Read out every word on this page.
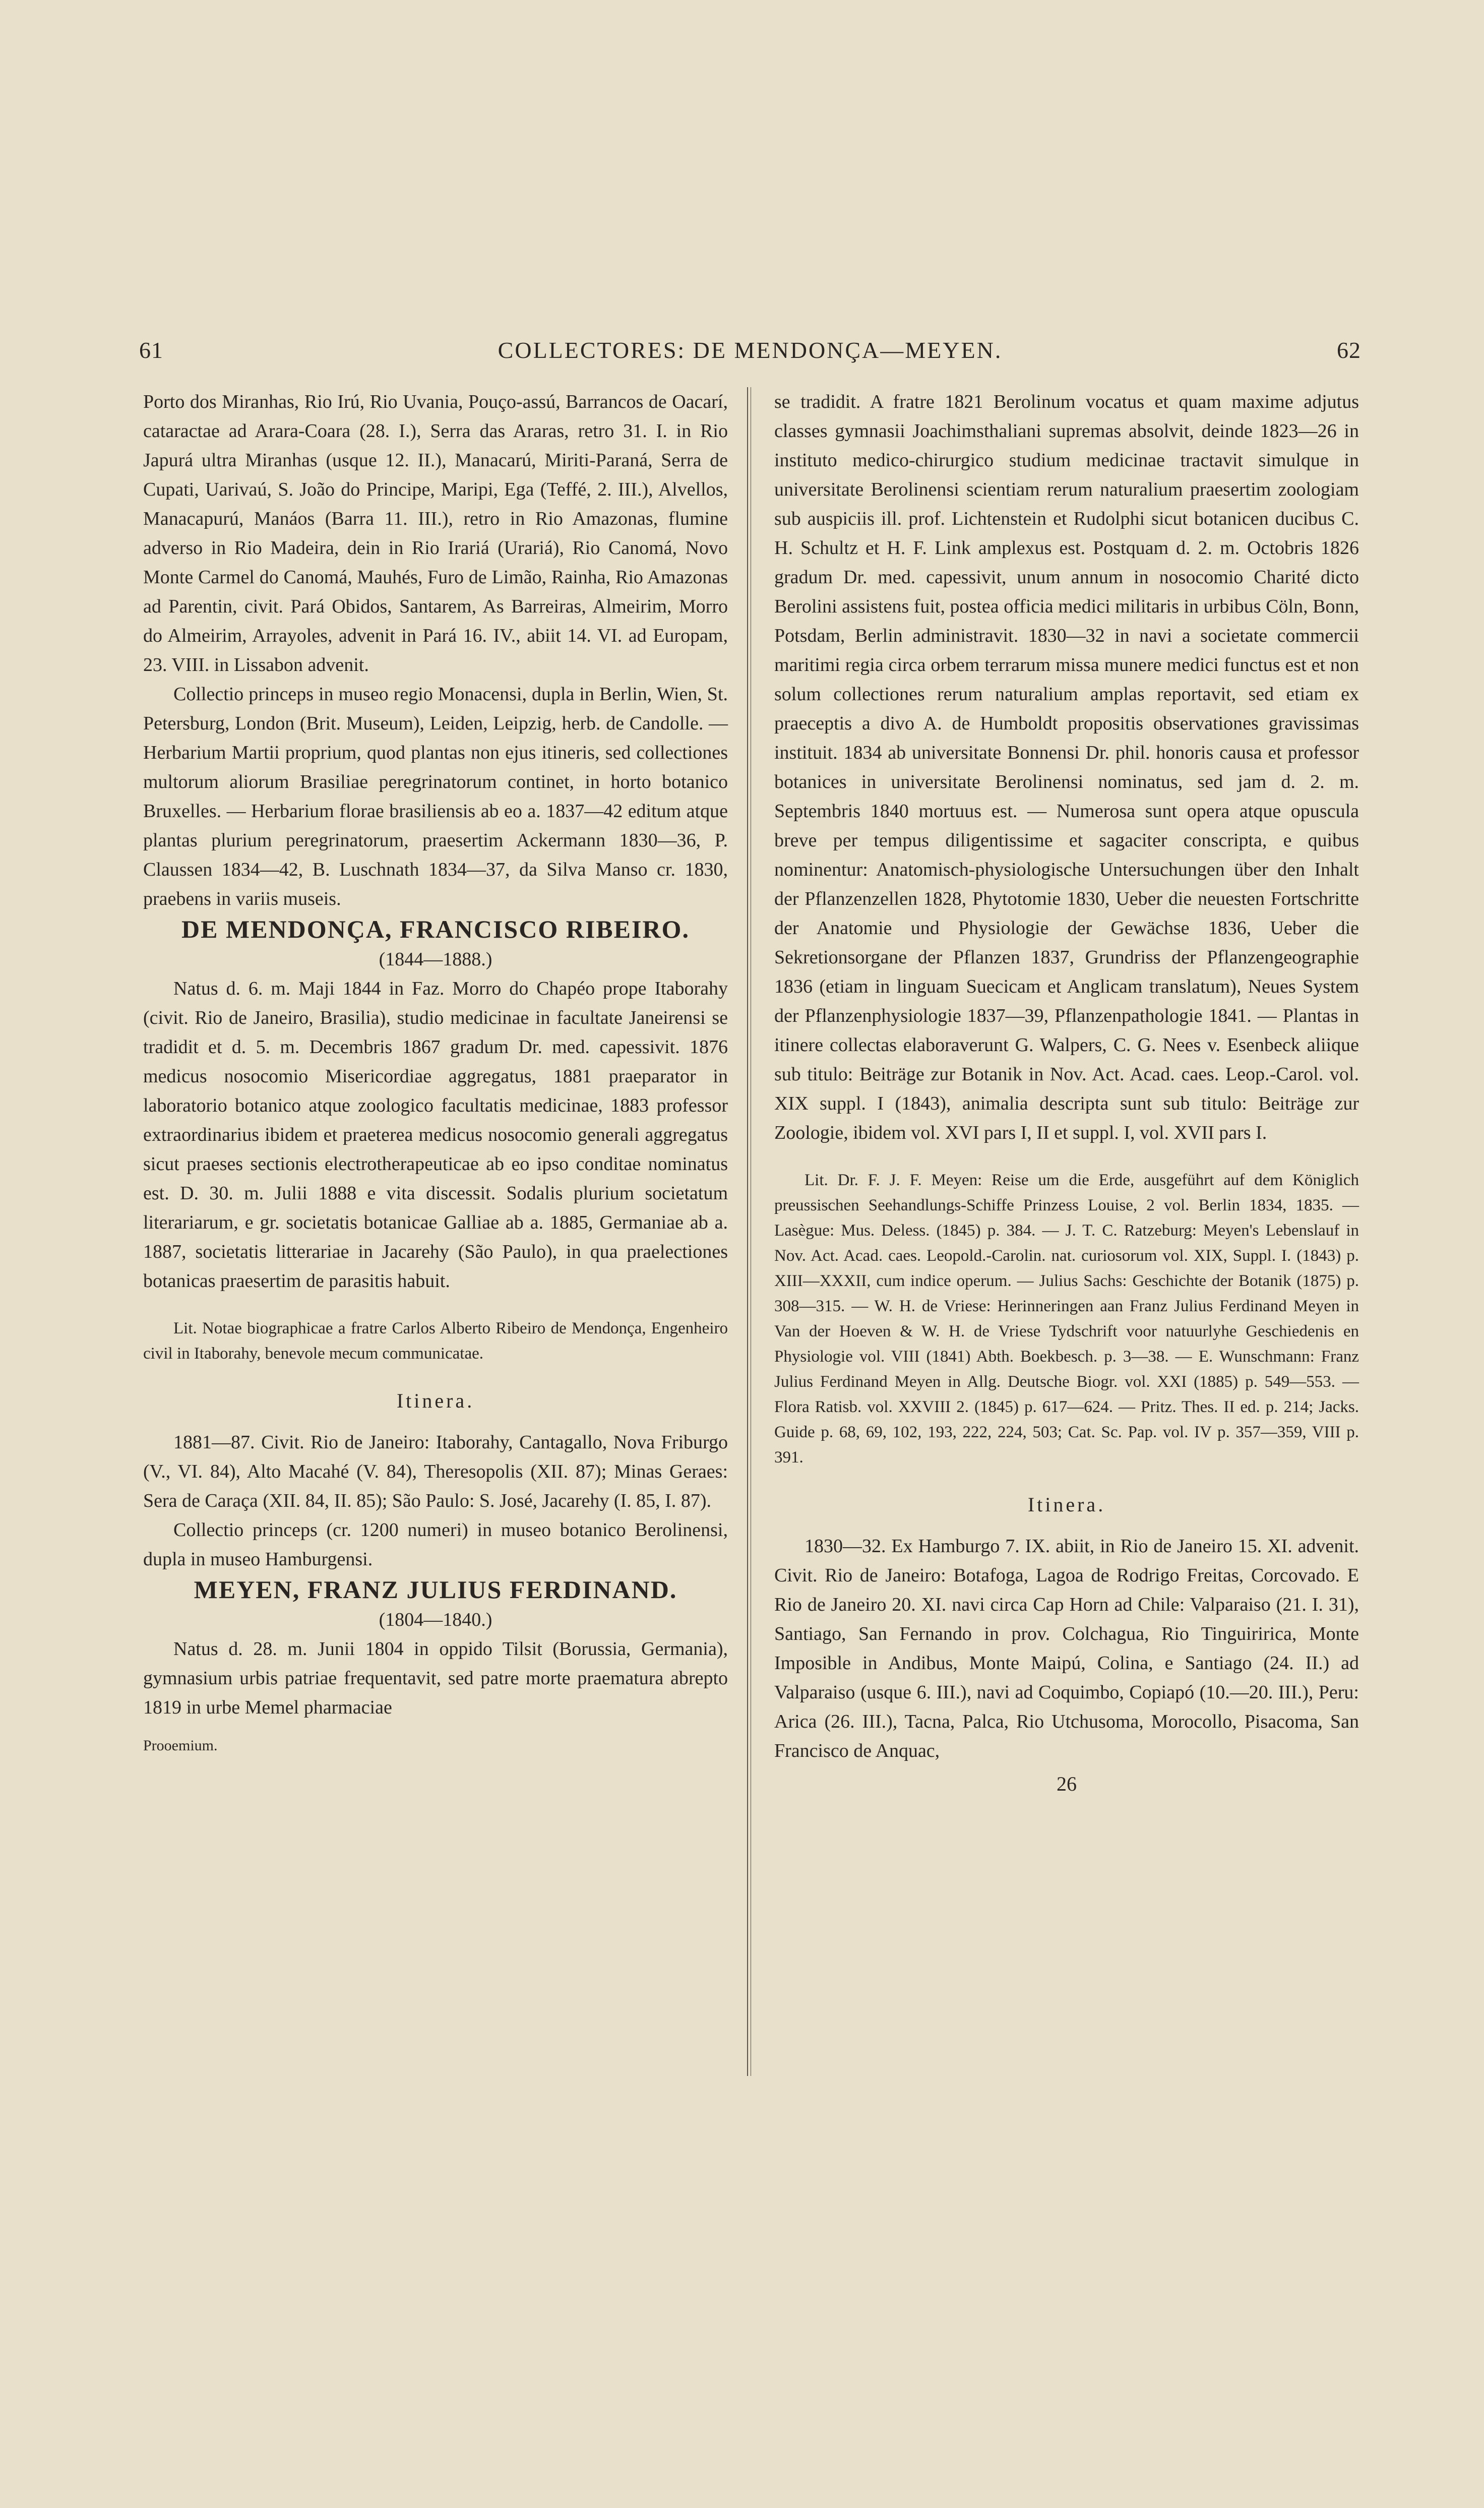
61	COLLECTORES: DE MENDONÇA—MEYEN.	62

Porto dos Miranhas, Rio Irú, Rio Uvania, Pouço-assú, Barrancos de Oacarí, cataractae ad Arara-Coara (28. I.), Serra das Araras, retro 31. I. in Rio Japurá ultra Miranhas (usque 12. II.), Manacarú, Miriti-Paraná, Serra de Cupati, Uarivaú, S. João do Principe, Maripi, Ega (Teffé, 2. III.), Alvellos, Manacapurú, Manáos (Barra 11. III.), retro in Rio Amazonas, flumine adverso in Rio Madeira, dein in Rio Irariá (Urariá), Rio Canomá, Novo Monte Carmel do Canomá, Mauhés, Furo de Limão, Rainha, Rio Amazonas ad Parentin, civit. Pará Obidos, Santarem, As Barreiras, Almeirim, Morro do Almeirim, Arrayoles, advenit in Pará 16. IV., abiit 14. VI. ad Europam, 23. VIII. in Lissabon advenit.

Collectio princeps in museo regio Monacensi, dupla in Berlin, Wien, St. Petersburg, London (Brit. Museum), Leiden, Leipzig, herb. de Candolle. — Herbarium Martii proprium, quod plantas non ejus itineris, sed collectiones multorum aliorum Brasiliae peregrinatorum continet, in horto botanico Bruxelles. — Herbarium florae brasiliensis ab eo a. 1837—42 editum atque plantas plurium peregrinatorum, praesertim Ackermann 1830—36, P. Claussen 1834—42, B. Luschnath 1834—37, da Silva Manso cr. 1830, praebens in variis museis.

DE MENDONÇA, FRANCISCO RIBEIRO.

(1844—1888.)

Natus d. 6. m. Maji 1844 in Faz. Morro do Chapéo prope Itaborahy (civit. Rio de Janeiro, Brasilia), studio medicinae in facultate Janeirensi se tradidit et d. 5. m. Decembris 1867 gradum Dr. med. capessivit. 1876 medicus nosocomio Misericordiae aggregatus, 1881 praeparator in laboratorio botanico atque zoologico facultatis medicinae, 1883 professor extraordinarius ibidem et praeterea medicus nosocomio generali aggregatus sicut praeses sectionis electrotherapeuticae ab eo ipso conditae nominatus est. D. 30. m. Julii 1888 e vita discessit. Sodalis plurium societatum literariarum, e gr. societatis botanicae Galliae ab a. 1885, Germaniae ab a. 1887, societatis litterariae in Jacarehy (São Paulo), in qua praelectiones botanicas praesertim de parasitis habuit.

Lit. Notae biographicae a fratre Carlos Alberto Ribeiro de Mendonça, Engenheiro civil in Itaborahy, benevole mecum communicatae.

Itinera.

1881—87. Civit. Rio de Janeiro: Itaborahy, Cantagallo, Nova Friburgo (V., VI. 84), Alto Macahé (V. 84), Theresopolis (XII. 87); Minas Geraes: Sera de Caraça (XII. 84, II. 85); São Paulo: S. José, Jacarehy (I. 85, I. 87).

Collectio princeps (cr. 1200 numeri) in museo botanico Berolinensi, dupla in museo Hamburgensi.

MEYEN, FRANZ JULIUS FERDINAND.

(1804—1840.)

Natus d. 28. m. Junii 1804 in oppido Tilsit (Borussia, Germania), gymnasium urbis patriae frequentavit, sed patre morte praematura abrepto 1819 in urbe Memel pharmaciae

Prooemium.

se tradidit. A fratre 1821 Berolinum vocatus et quam maxime adjutus classes gymnasii Joachimsthaliani supremas absolvit, deinde 1823—26 in instituto medico-chirurgico studium medicinae tractavit simulque in universitate Berolinensi scientiam rerum naturalium praesertim zoologiam sub auspiciis ill. prof. Lichtenstein et Rudolphi sicut botanicen ducibus C. H. Schultz et H. F. Link amplexus est. Postquam d. 2. m. Octobris 1826 gradum Dr. med. capessivit, unum annum in nosocomio Charité dicto Berolini assistens fuit, postea officia medici militaris in urbibus Cöln, Bonn, Potsdam, Berlin administravit. 1830—32 in navi a societate commercii maritimi regia circa orbem terrarum missa munere medici functus est et non solum collectiones rerum naturalium amplas reportavit, sed etiam ex praeceptis a divo A. de Humboldt propositis observationes gravissimas instituit. 1834 ab universitate Bonnensi Dr. phil. honoris causa et professor botanices in universitate Berolinensi nominatus, sed jam d. 2. m. Septembris 1840 mortuus est. — Numerosa sunt opera atque opuscula breve per tempus diligentissime et sagaciter conscripta, e quibus nominentur: Anatomisch-physiologische Untersuchungen über den Inhalt der Pflanzenzellen 1828, Phytotomie 1830, Ueber die neuesten Fortschritte der Anatomie und Physiologie der Gewächse 1836, Ueber die Sekretionsorgane der Pflanzen 1837, Grundriss der Pflanzengeographie 1836 (etiam in linguam Suecicam et Anglicam translatum), Neues System der Pflanzenphysiologie 1837—39, Pflanzenpathologie 1841. — Plantas in itinere collectas elaboraverunt G. Walpers, C. G. Nees v. Esenbeck aliique sub titulo: Beiträge zur Botanik in Nov. Act. Acad. caes. Leop.-Carol. vol. XIX suppl. I (1843), animalia descripta sunt sub titulo: Beiträge zur Zoologie, ibidem vol. XVI pars I, II et suppl. I, vol. XVII pars I.

Lit. Dr. F. J. F. Meyen: Reise um die Erde, ausgeführt auf dem Königlich preussischen Seehandlungs-Schiffe Prinzess Louise, 2 vol. Berlin 1834, 1835. — Lasègue: Mus. Deless. (1845) p. 384. — J. T. C. Ratzeburg: Meyen's Lebenslauf in Nov. Act. Acad. caes. Leopold.-Carolin. nat. curiosorum vol. XIX, Suppl. I. (1843) p. XIII—XXXII, cum indice operum. — Julius Sachs: Geschichte der Botanik (1875) p. 308—315. — W. H. de Vriese: Herinneringen aan Franz Julius Ferdinand Meyen in Van der Hoeven & W. H. de Vriese Tydschrift voor natuurlyhe Geschiedenis en Physiologie vol. VIII (1841) Abth. Boekbesch. p. 3—38. — E. Wunschmann: Franz Julius Ferdinand Meyen in Allg. Deutsche Biogr. vol. XXI (1885) p. 549—553. — Flora Ratisb. vol. XXVIII 2. (1845) p. 617—624. — Pritz. Thes. II ed. p. 214; Jacks. Guide p. 68, 69, 102, 193, 222, 224, 503; Cat. Sc. Pap. vol. IV p. 357—359, VIII p. 391.

Itinera.

1830—32. Ex Hamburgo 7. IX. abiit, in Rio de Janeiro 15. XI. advenit. Civit. Rio de Janeiro: Botafoga, Lagoa de Rodrigo Freitas, Corcovado. E Rio de Janeiro 20. XI. navi circa Cap Horn ad Chile: Valparaiso (21. I. 31), Santiago, San Fernando in prov. Colchagua, Rio Tinguiririca, Monte Imposible in Andibus, Monte Maipú, Colina, e Santiago (24. II.) ad Valparaiso (usque 6. III.), navi ad Coquimbo, Copiapó (10.—20. III.), Peru: Arica (26. III.), Tacna, Palca, Rio Utchusoma, Morocollo, Pisacoma, San Francisco de Anquac,

26
